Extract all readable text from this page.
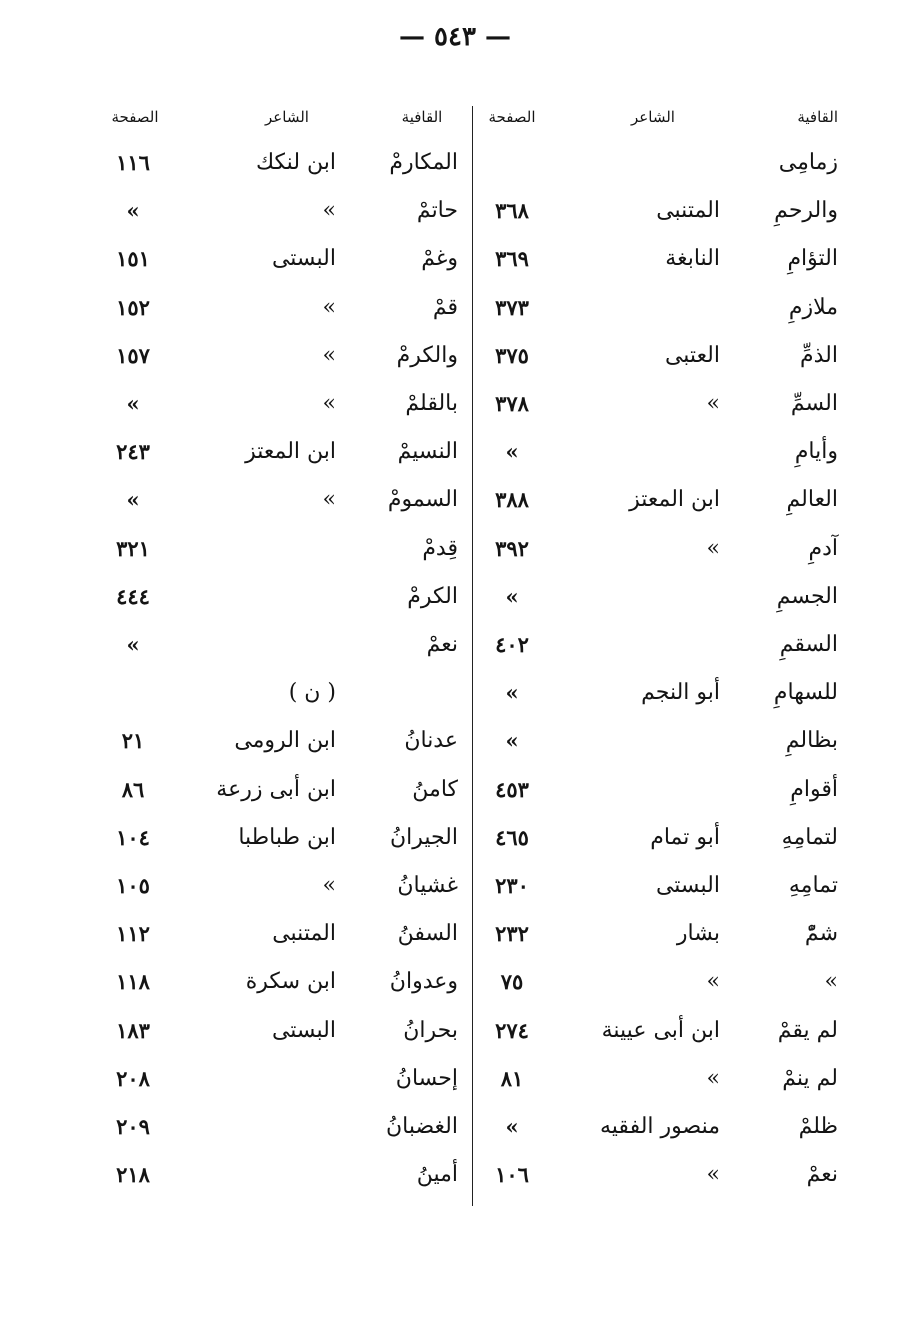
— ٥٤٣ —
القافية
الشاعر
الصفحة
القافية
الشاعر
الصفحة
زمامِى
المكارمْ
ابن لنكك
١١٦
والرحمِ
المتنبى
٣٦٨
حاتمْ
»
»
التؤامِ
النابغة
٣٦٩
وغمْ
البستى
١٥١
ملازمِ
٣٧٣
قمْ
»
١٥٢
الذمِّ
العتبى
٣٧٥
والكرمْ
»
١٥٧
السمِّ
»
٣٧٨
بالقلمْ
»
»
وأيامِ
»
النسيمْ
ابن المعتز
٢٤٣
العالمِ
ابن المعتز
٣٨٨
السمومْ
»
»
آدمِ
»
٣٩٢
قِدمْ
٣٢١
الجسمِ
»
الكرمْ
٤٤٤
السقمِ
٤٠٢
نعمْ
»
للسهامِ
أبو النجم
»
( ن )
بظالمِ
»
عدنانُ
ابن الرومى
٢١
أقوامِ
٤٥٣
كامنُ
ابن أبى زرعة
٨٦
لتمامِهِ
أبو تمام
٤٦٥
الجيرانُ
ابن طباطبا
١٠٤
تمامِهِ
البستى
٢٣٠
غشيانُ
»
١٠٥
شمّْ
بشار
٢٣٢
السفنُ
المتنبى
١١٢
»
»
٧٥
وعدوانُ
ابن سكرة
١١٨
لم يقمْ
ابن أبى عيينة
٢٧٤
بحرانُ
البستى
١٨٣
لم ينمْ
»
٨١
إحسانُ
٢٠٨
ظلمْ
منصور الفقيه
»
الغضبانُ
٢٠٩
نعمْ
»
١٠٦
أمينُ
٢١٨
